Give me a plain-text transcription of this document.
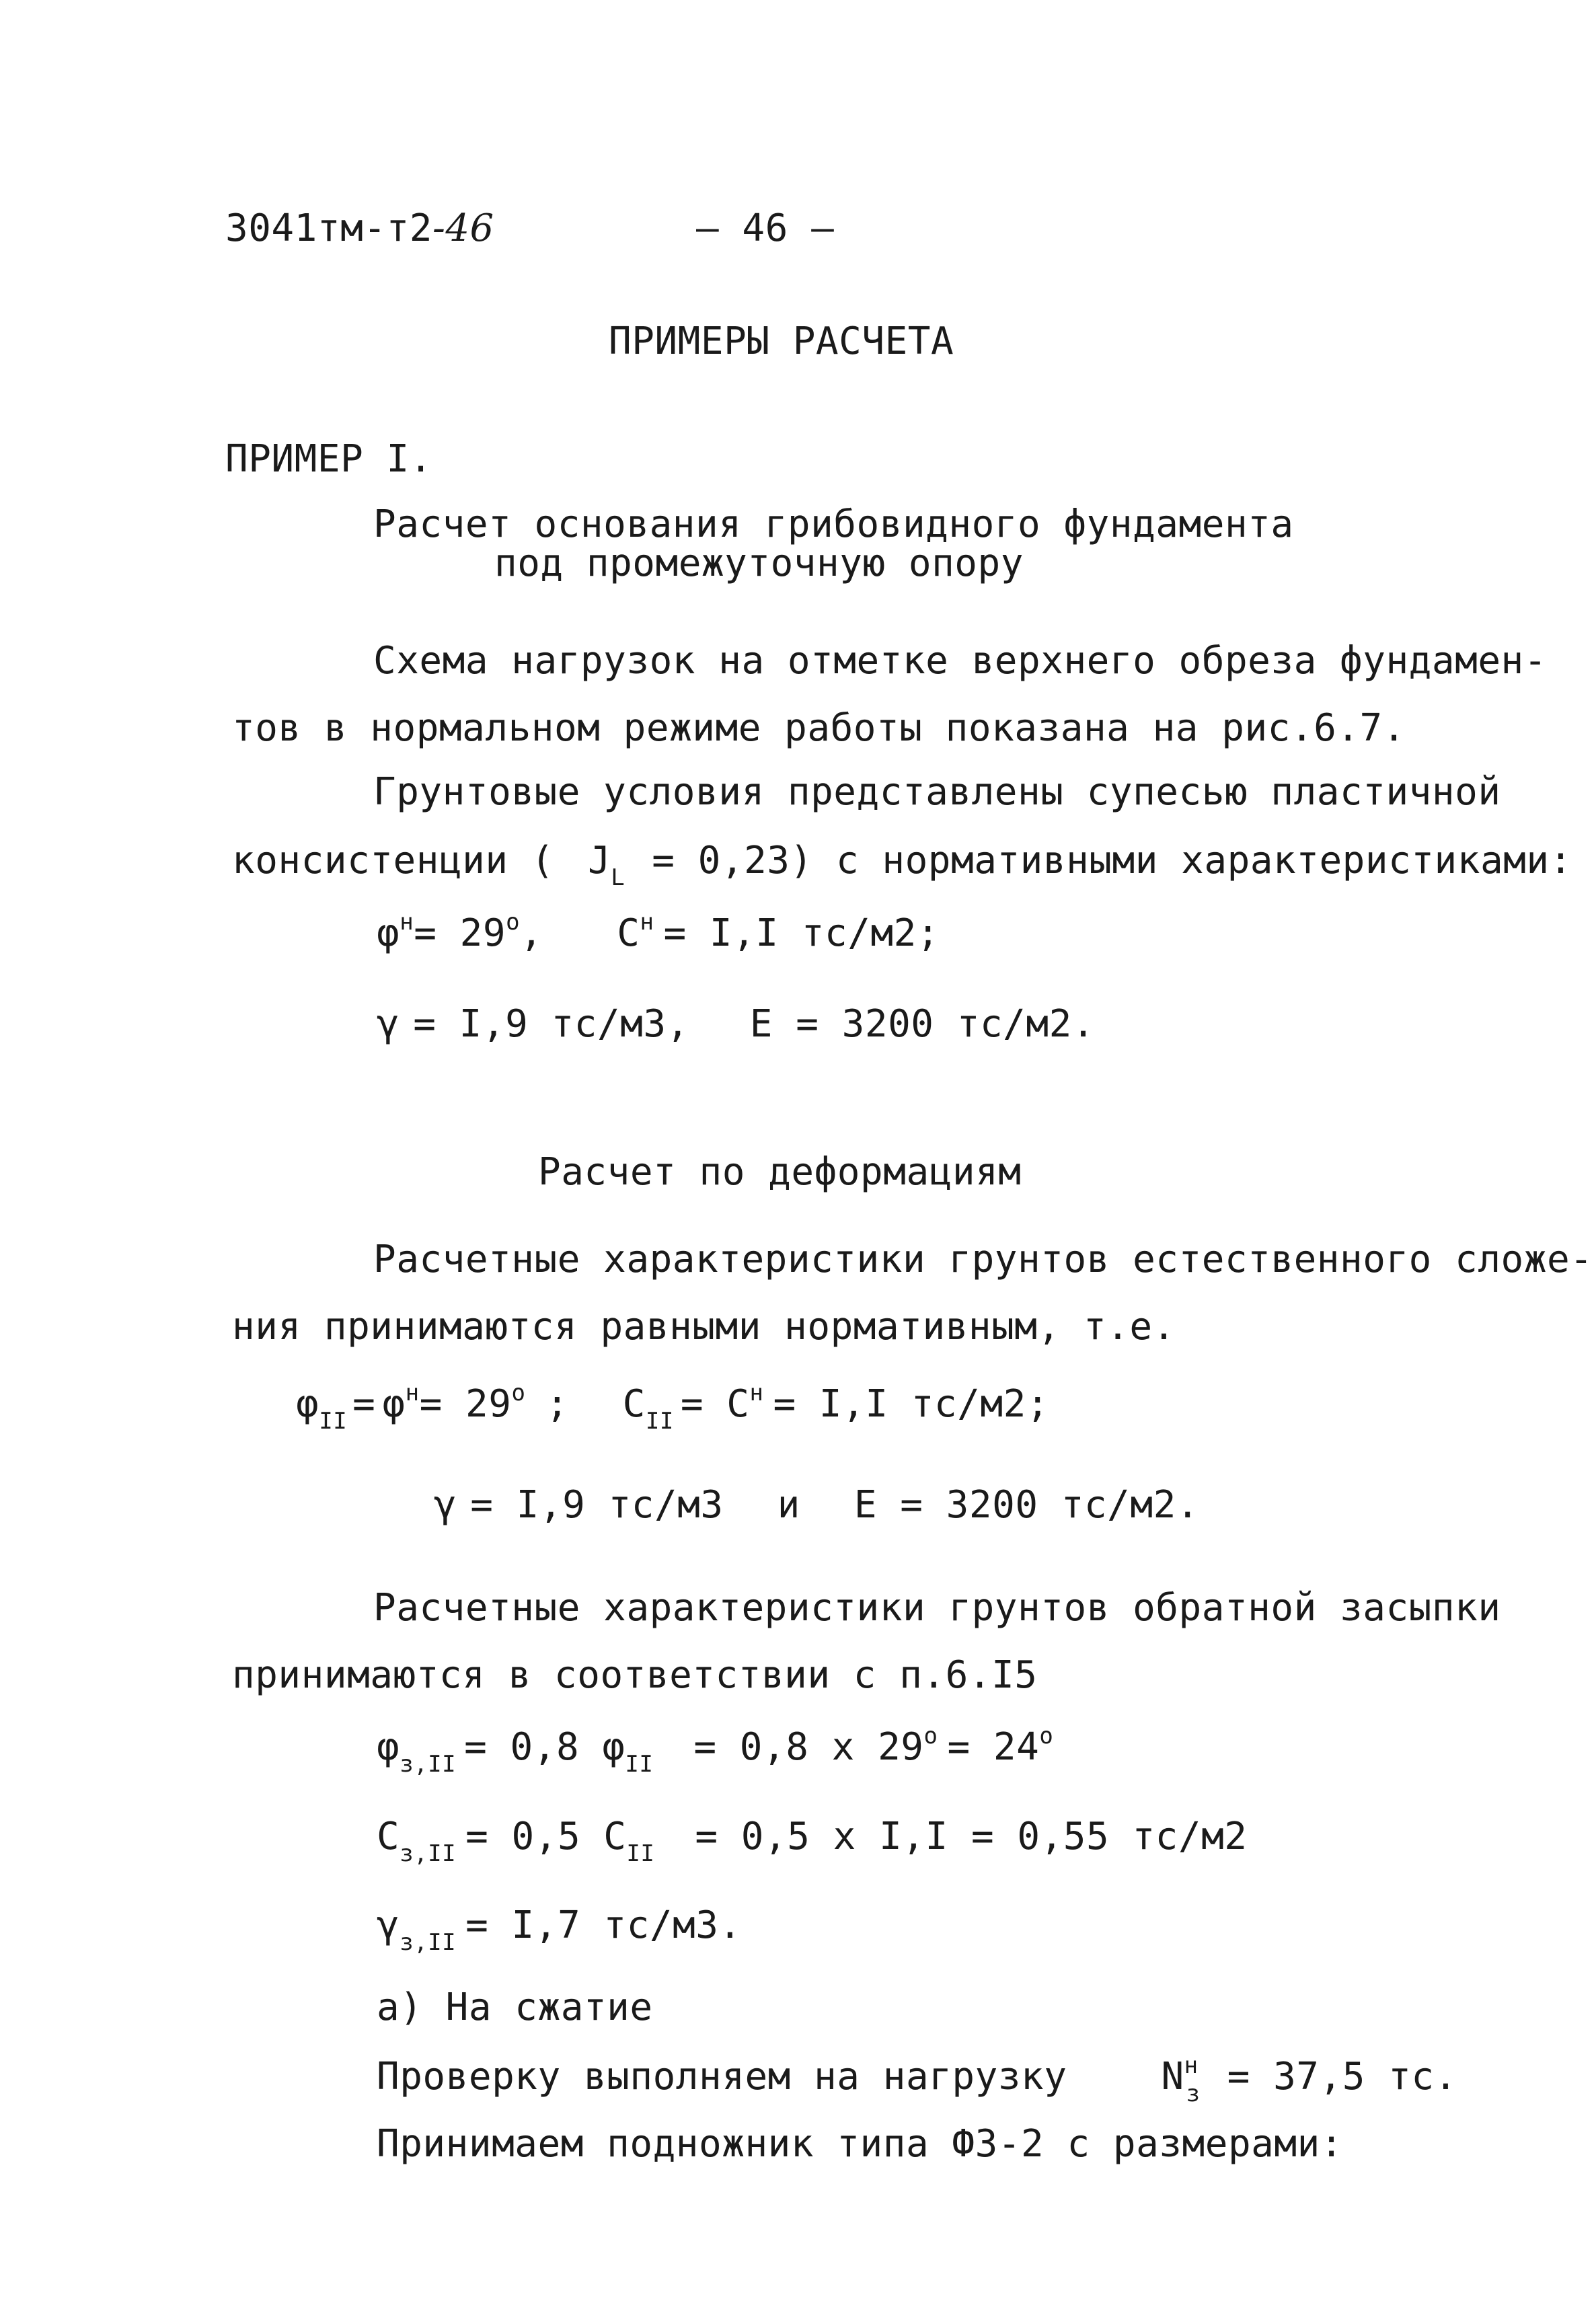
3041тм-т2-46	– 46 –
ПРИМЕРЫ РАСЧЕТА
ПРИМЕР I.
Расчет основания грибовидного фундамента
под промежуточную опору
Схема нагрузок на отметке верхнего обреза фундамен-
тов в нормальном режиме работы показана на рис.6.7.
Грунтовые условия представлены супесью пластичной
консистенции ( $J_L = 0,23$) с нормативными характеристиками:
$\varphi^н= 29^o$, $C^н = I,I$ тс/м2;
γ = I,9 тс/м3, E = 3200 тс/м2.
Расчет по деформациям
Расчетные характеристики грунтов естественного сложе-
ния принимаются равными нормативным, т.е.
$\varphi_{II} = \varphi^н= 29^o$ ; $C_{II} = C^н = I,I$ тс/м2;
γ = I,9 тс/м3 и E = 3200 тс/м2.
Расчетные характеристики грунтов обратной засыпки
принимаются в соответствии с п.6.I5
$\varphi_{з,II} = 0,8$ $\varphi_{II} = 0,8$ x $29^o = 24^o$
$C_{з,II} = 0,5$ $C_{II} = 0,5$ x I,I = 0,55 тс/м2
$\gamma_{з,II} = I,7$ тс/м3.
а) На сжатие
Проверку выполняем на нагрузку	$N^н_з = 37,5$ тс.
Принимаем подножник типа Ф3-2 с размерами:
